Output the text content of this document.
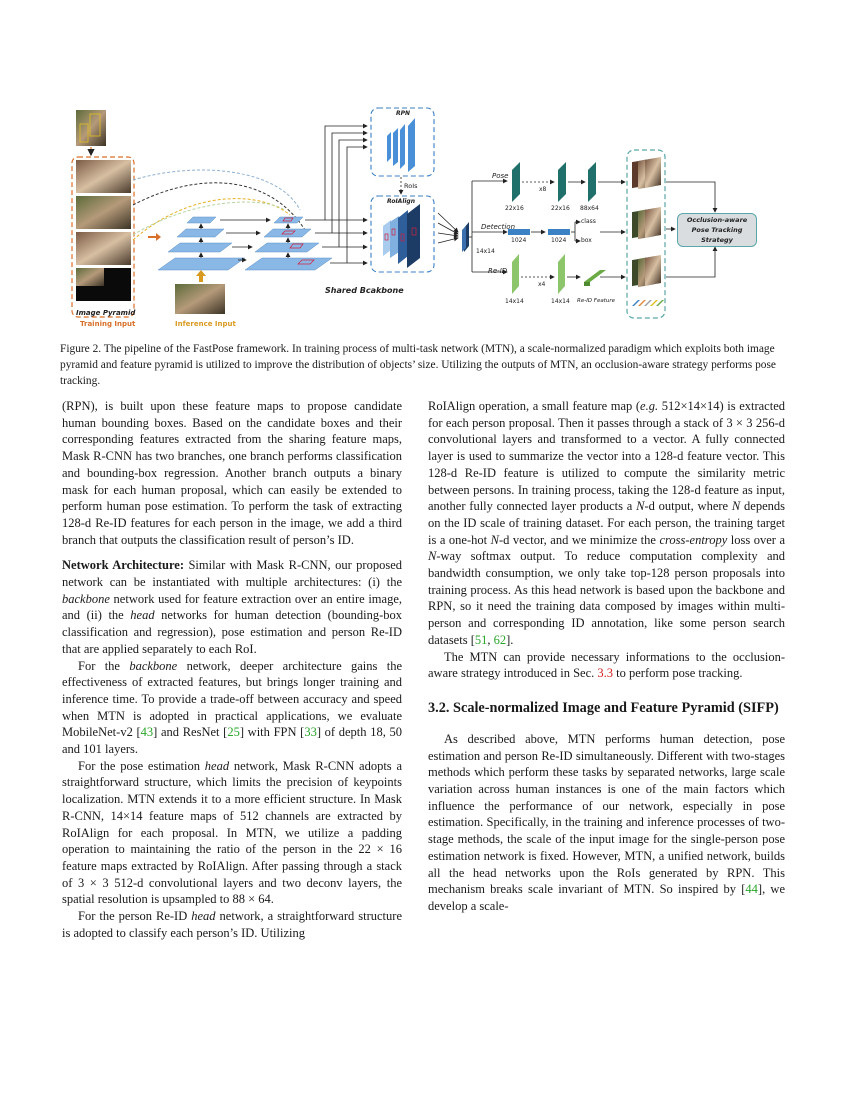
Image Pyramid
Training Input	Inference Input
Shared Bcakbone
RPN
RoIs
RoIAlign
14x14
Pose
Detection
Re-ID
x8
22x16	22x16 88x64
1024	1024
class
box
x4
14x14	14x14 Re-ID Feature
Occlusion-aware Pose Tracking Strategy
Figure 2. The pipeline of the FastPose framework. In training process of multi-task network (MTN), a scale-normalized paradigm which exploits both image pyramid and feature pyramid is utilized to improve the distribution of objects’ size. Utilizing the outputs of MTN, an occlusion-aware strategy performs pose tracking.

(RPN), is built upon these feature maps to propose candidate human bounding boxes. Based on the candidate boxes and their corresponding features extracted from the sharing feature maps, Mask R-CNN has two branches, one branch performs classification and bounding-box regression. Another branch outputs a binary mask for each human proposal, which can easily be extended to perform human pose estimation. To perform the task of extracting 128-d Re-ID features for each person in the image, we add a third branch that outputs the classification result of person’s ID.

Network Architecture: Similar with Mask R-CNN, our proposed network can be instantiated with multiple architectures: (i) the backbone network used for feature extraction over an entire image, and (ii) the head networks for human detection (bounding-box classification and regression), pose estimation and person Re-ID that are applied separately to each RoI.

For the backbone network, deeper architecture gains the effectiveness of extracted features, but brings longer training and inference time. To provide a trade-off between accuracy and speed when MTN is adopted in practical applications, we evaluate MobileNet-v2 [43] and ResNet [25] with FPN [33] of depth 18, 50 and 101 layers.

For the pose estimation head network, Mask R-CNN adopts a straightforward structure, which limits the precision of keypoints localization. MTN extends it to a more efficient structure. In Mask R-CNN, 14×14 feature maps of 512 channels are extracted by RoIAlign for each proposal. In MTN, we utilize a padding operation to maintaining the ratio of the person in the 22 × 16 feature maps extracted by RoIAlign. After passing through a stack of 3 × 3 512-d convolutional layers and two deconv layers, the spatial resolution is upsampled to 88 × 64.

For the person Re-ID head network, a straightforward structure is adopted to classify each person’s ID. Utilizing

RoIAlign operation, a small feature map (e.g. 512×14×14) is extracted for each person proposal. Then it passes through a stack of 3 × 3 256-d convolutional layers and transformed to a vector. A fully connected layer is used to summarize the vector into a 128-d feature vector. This 128-d Re-ID feature is utilized to compute the similarity metric between persons. In training process, taking the 128-d feature as input, another fully connected layer products a N-d output, where N depends on the ID scale of training dataset. For each person, the training target is a one-hot N-d vector, and we minimize the cross-entropy loss over a N-way softmax output. To reduce computation complexity and bandwidth consumption, we only take top-128 person proposals into training process. As this head network is based upon the backbone and RPN, so it need the training data composed by images within multi-person and corresponding ID annotation, like some person search datasets [51, 62].

The MTN can provide necessary informations to the occlusion-aware strategy introduced in Sec. 3.3 to perform pose tracking.

3.2. Scale-normalized Image and Feature Pyramid (SIFP)

As described above, MTN performs human detection, pose estimation and person Re-ID simultaneously. Different with two-stages methods which perform these tasks by separated networks, large scale variation across human instances is one of the main factors which influence the performance of our network, especially in pose estimation. Specifically, in the training and inference processes of two-stage methods, the scale of the input image for the single-person pose estimation network is fixed. However, MTN, a unified network, builds all the head networks upon the RoIs generated by RPN. This mechanism breaks scale invariant of MTN. So inspired by [44], we develop a scale-
